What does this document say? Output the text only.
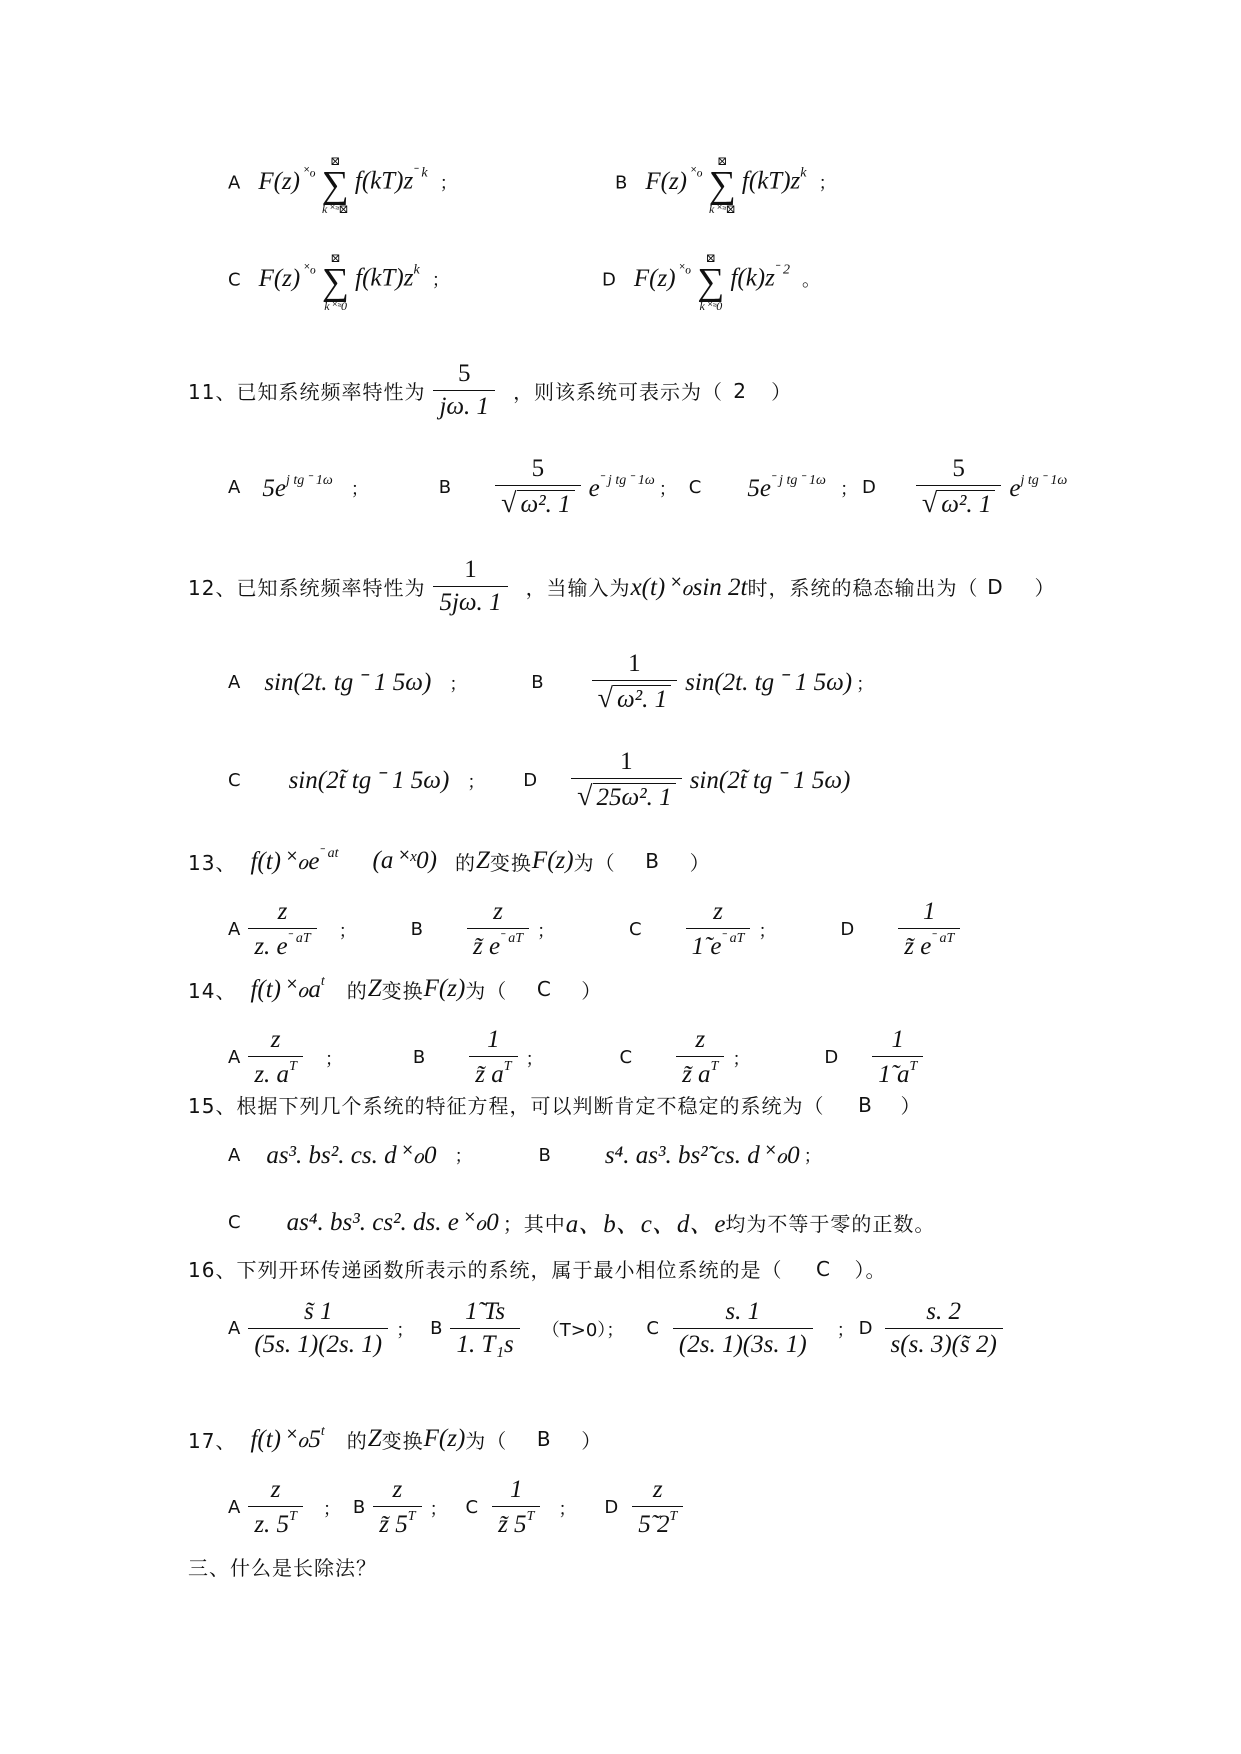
A F(z) ˟ℴ
⊠
∑
k ˟ᵙ⊠
f(kT)zˉ k ；	B F(z) ˟ℴ
⊠
∑
k ˟ᵙ⊠
f(kT)zk ；
C F(z) ˟ℴ
⊠
∑
k ˟ᵙ0
f(kT)zk ；	D F(z) ˟ℴ
⊠
∑
k ˟ᵙ0
f(k)zˉ 2 。
11、已知系统频率特性为 $\frac{5}{j\omega. 1}$ ，则该系统可表示为（ 2 ）
A $5e^{j tg ˉ 1\omega}$ ；	B $\frac{5}{\text{√ ω². 1}} e^{ˉ j tg ˉ 1\omega}$ ； C $5e^{ˉ j tg ˉ 1\omega}$ ； D $\frac{5}{\text{√ ω². 1}} e^{j tg ˉ 1\omega}$
12、已知系统频率特性为 $\frac{1}{5j\omega. 1}$ ，当输入为x(t) ˟ℴsin 2t时，系统的稳态输出为（ D ）
A sin(2t. tg ˉ 1 5ω) ；	B $\frac{1}{\text{√ ω². 1}} \sin(2t$. tg ˉ 1 5ω) ；
C sin(2t̃ tg ˉ 1 5ω) ； D $\frac{1}{\text{√ 25ω². 1}}$ sin(2t̃ tg ˉ 1 5ω)
13、 f(t) ˟ℴe$^{ˉ at}$ (a ˟ˣ0) 的Z变换F(z)为（ B ）
A $\frac{z}{z. e^{ˉ aT}}$ ；	B $\frac{z}{z̃ e^{ˉ aT}}$ ；	C $\frac{z}{1̃ e^{ˉ aT}}$ ；	D $\frac{1}{z̃ e^{ˉ aT}}$
14、 f(t) ˟ℴa$^t$ 的Z变换F(z)为（ C ）
A $\frac{z}{z. a^T}$ ；	B $\frac{1}{z̃ a^T}$ ；	C $\frac{z}{z̃ a^T}$ ；	D $\frac{1}{1̃ a^T}$
15、根据下列几个系统的特征方程，可以判断肯定不稳定的系统为（ B ）
A as³. bs². cs. d ˟ℴ0 ；	B s⁴. as³. bs²̃ cs. d ˟ℴ0 ；
C as⁴. bs³. cs². ds. e ˟ℴ0 ；其中a、b、c、d、e均为不等于零的正数。
16、下列开环传递函数所表示的系统，属于最小相位系统的是（ C ）。
A $\frac{s̃ 1}{(5s. 1)(2s. 1)}$ ； B $\frac{1̃ Ts}{\text{1. T₁s}} (T>0)$； C $\frac{s. 1}{(2s. 1)(3s. 1)}$ ； D $\frac{s. 2}{s(s. 3)(s̃ 2)}$
17、 f(t) ˟ℴ5$^t$ 的Z变换F(z)为（ B ）
A $\frac{z}{z. 5^T}$ ； B $\frac{z}{z̃ 5^T}$ ； C $\frac{1}{z̃ 5^T}$ ； D $\frac{z}{5̃ 2^T}$
三、什么是长除法？
